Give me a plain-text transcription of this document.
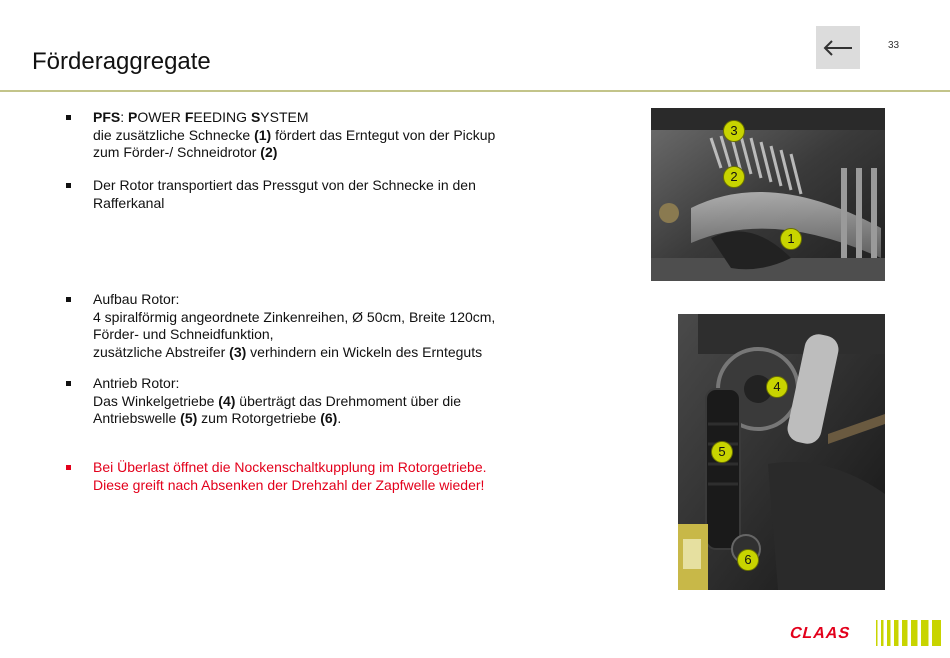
Förderaggregate
33
PFS: POWER FEEDING SYSTEM
die zusätzliche Schnecke (1) fördert das Erntegut von der Pickup
zum Förder-/ Schneidrotor (2)
Der Rotor transportiert das Pressgut von der Schnecke in den
Rafferkanal
Aufbau Rotor:
4 spiralförmig angeordnete Zinkenreihen, Ø 50cm, Breite 120cm,
Förder- und Schneidfunktion,
zusätzliche Abstreifer (3) verhindern ein Wickeln des Ernteguts
Antrieb Rotor:
Das Winkelgetriebe (4) überträgt das Drehmoment über die
Antriebswelle (5) zum Rotorgetriebe (6).
Bei Überlast öffnet die Nockenschaltkupplung im Rotorgetriebe.
Diese greift nach Absenken der Drehzahl der Zapfwelle wieder!
3
2
1
4
5
6
CLAAS
